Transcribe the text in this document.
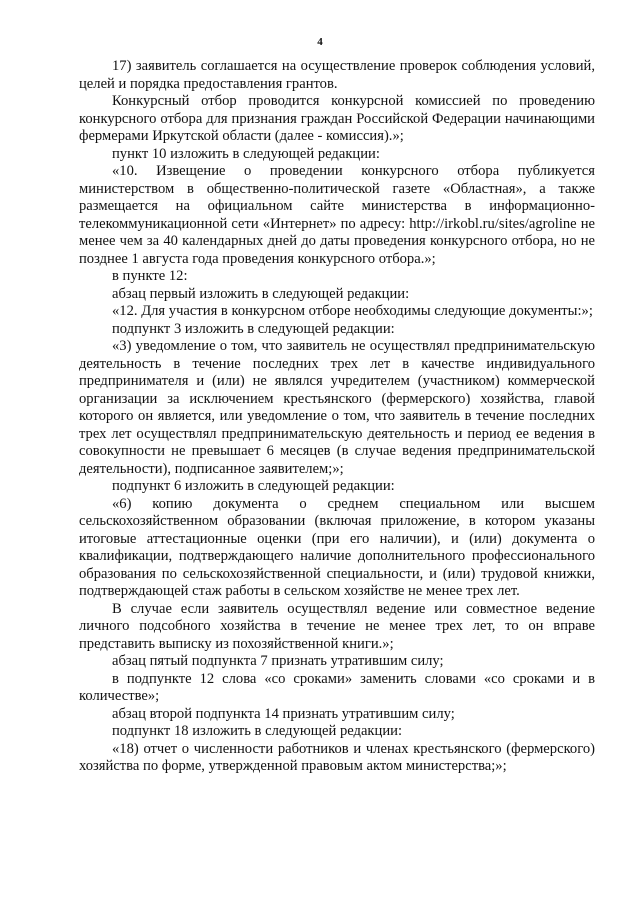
4

17) заявитель соглашается на осуществление проверок соблюдения условий, целей и порядка предоставления грантов.

Конкурсный отбор проводится конкурсной комиссией по проведению конкурсного отбора для признания граждан Российской Федерации начинающими фермерами Иркутской области (далее - комиссия).»;

пункт 10 изложить в следующей редакции:

«10. Извещение о проведении конкурсного отбора публикуется министерством в общественно-политической газете «Областная», а также размещается на официальном сайте министерства в информационно-телекоммуникационной сети «Интернет» по адресу: http://irkobl.ru/sites/agroline не менее чем за 40 календарных дней до даты проведения конкурсного отбора, но не позднее 1 августа года проведения конкурсного отбора.»;

в пункте 12:

абзац первый изложить в следующей редакции:

«12. Для участия в конкурсном отборе необходимы следующие документы:»;

подпункт 3 изложить в следующей редакции:

«3) уведомление о том, что заявитель не осуществлял предпринимательскую деятельность в течение последних трех лет в качестве индивидуального предпринимателя и (или) не являлся учредителем (участником) коммерческой организации за исключением крестьянского (фермерского) хозяйства, главой которого он является, или уведомление о том, что заявитель в течение последних трех лет осуществлял предпринимательскую деятельность и период ее ведения в совокупности не превышает 6 месяцев (в случае ведения предпринимательской деятельности), подписанное заявителем;»;

подпункт 6 изложить в следующей редакции:

«6) копию документа о среднем специальном или высшем сельскохозяйственном образовании (включая приложение, в котором указаны итоговые аттестационные оценки (при его наличии), и (или) документа о квалификации, подтверждающего наличие дополнительного профессионального образования по сельскохозяйственной специальности, и (или) трудовой книжки, подтверждающей стаж работы в сельском хозяйстве не менее трех лет.

В случае если заявитель осуществлял ведение или совместное ведение личного подсобного хозяйства в течение не менее трех лет, то он вправе представить выписку из похозяйственной книги.»;

абзац пятый подпункта 7 признать утратившим силу;

в подпункте 12 слова «со сроками» заменить словами «со сроками и в количестве»;

абзац второй подпункта 14 признать утратившим силу;

подпункт 18 изложить в следующей редакции:

«18) отчет о численности работников и членах крестьянского (фермерского) хозяйства по форме, утвержденной правовым актом министерства;»;
